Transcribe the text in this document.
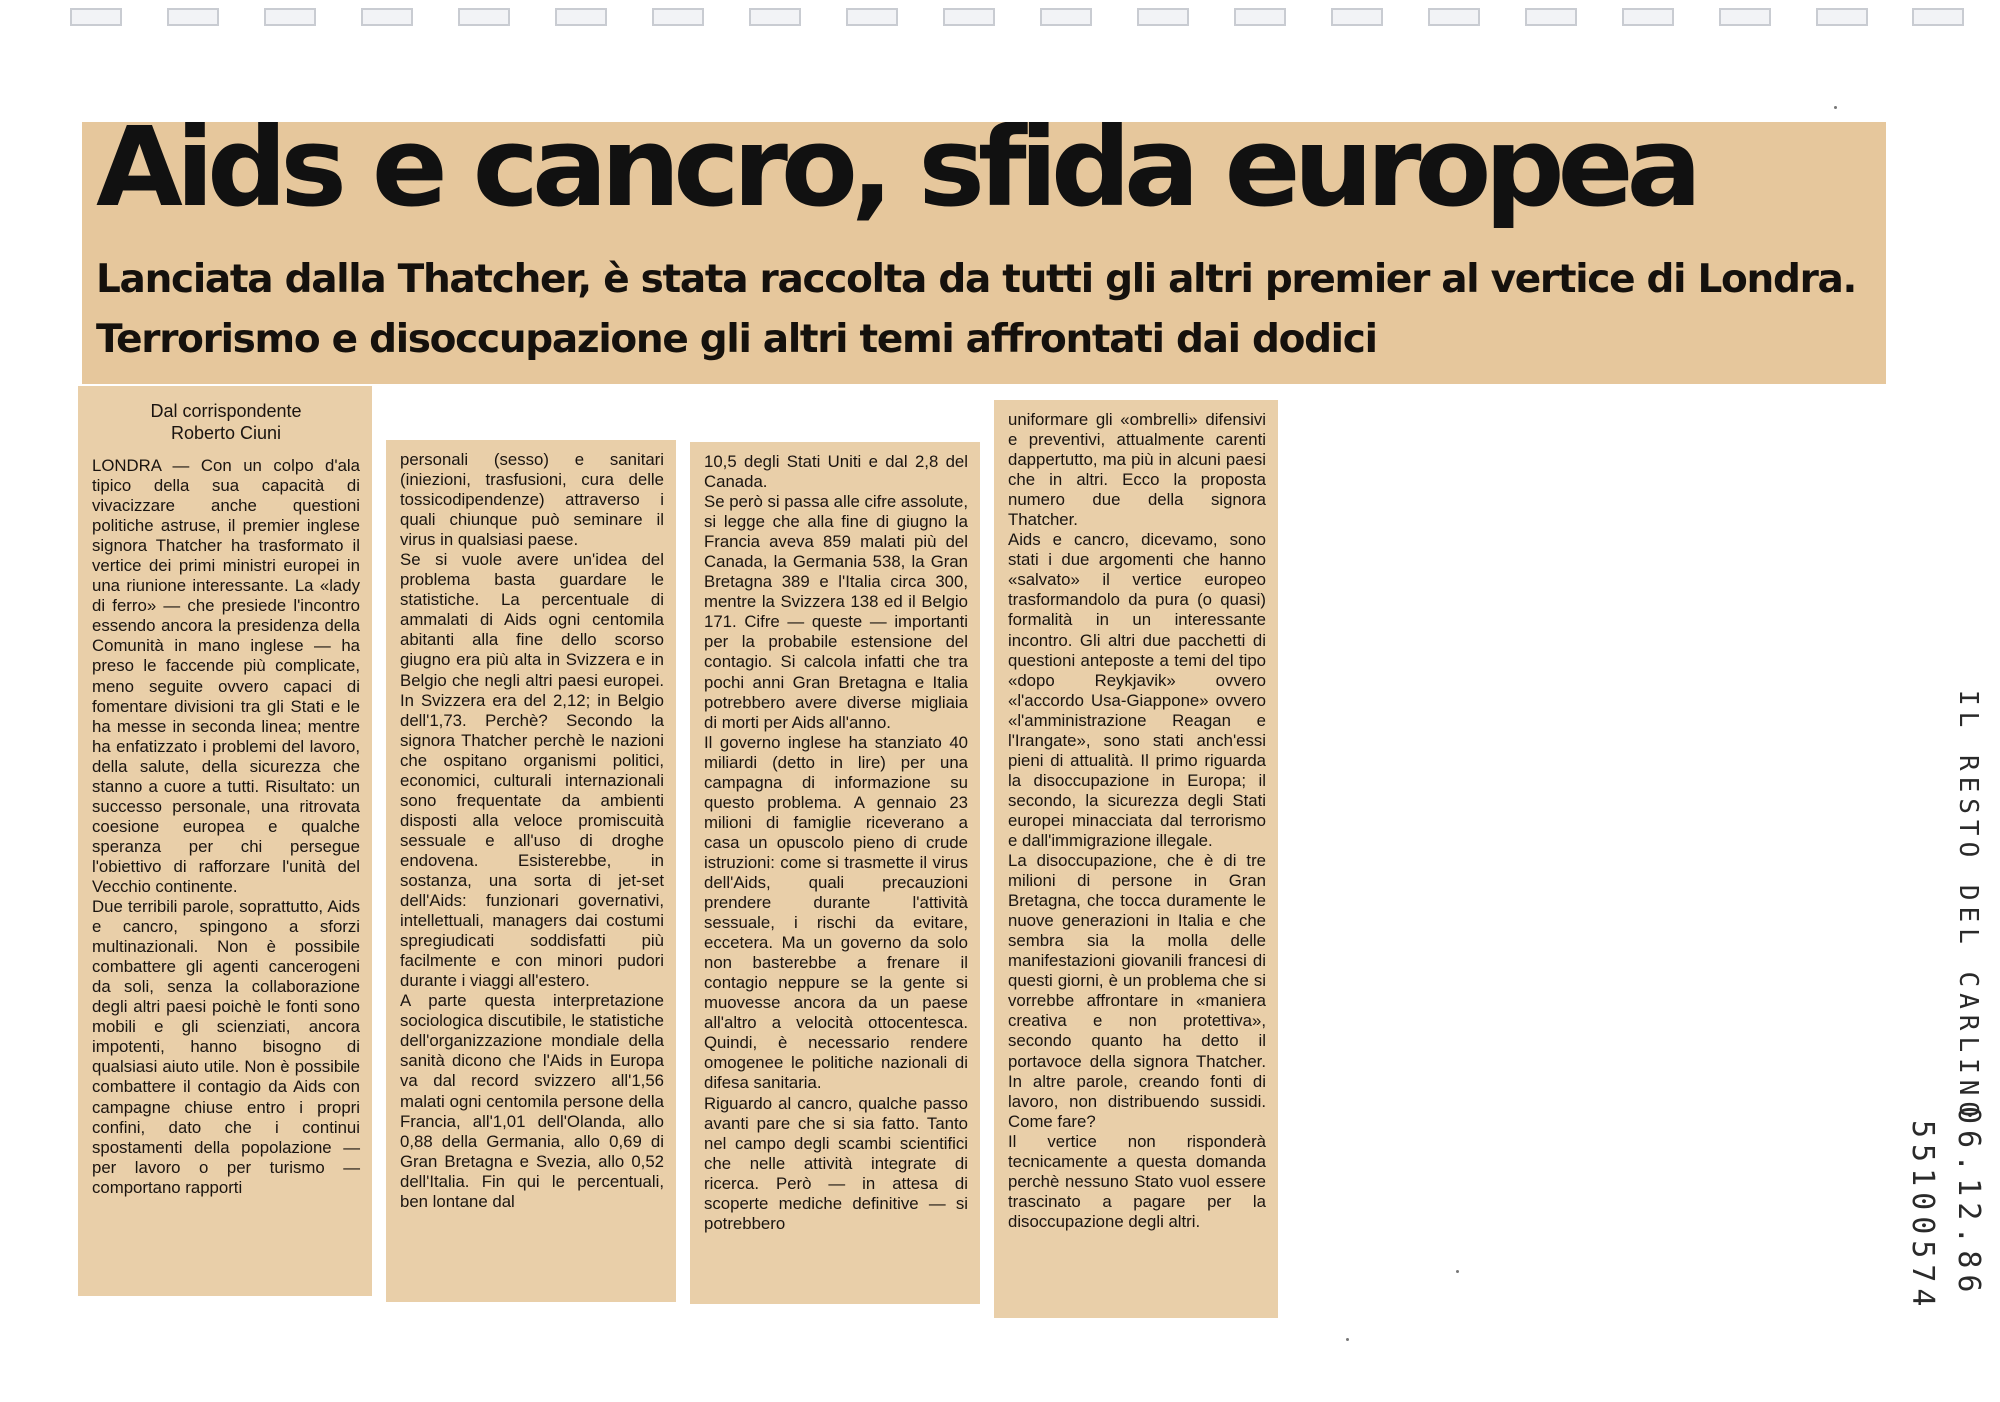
Aids e cancro, sfida europea
Lanciata dalla Thatcher, è stata raccolta da tutti gli altri premier al vertice di Londra. Terrorismo e disoccupazione gli altri temi affrontati dai dodici
Dal corrispondente
Roberto Ciuni

LONDRA — Con un colpo d'ala tipico della sua capacità di vivacizzare anche questioni politiche astruse, il premier inglese signora Thatcher ha trasformato il vertice dei primi ministri europei in una riunione interessante. La «lady di ferro» — che presiede l'incontro essendo ancora la presidenza della Comunità in mano inglese — ha preso le faccende più complicate, meno seguite ovvero capaci di fomentare divisioni tra gli Stati e le ha messe in seconda linea; mentre ha enfatizzato i problemi del lavoro, della salute, della sicurezza che stanno a cuore a tutti. Risultato: un successo personale, una ritrovata coesione europea e qualche speranza per chi persegue l'obiettivo di rafforzare l'unità del Vecchio continente.

Due terribili parole, soprattutto, Aids e cancro, spingono a sforzi multinazionali. Non è possibile combattere gli agenti cancerogeni da soli, senza la collaborazione degli altri paesi poichè le fonti sono mobili e gli scienziati, ancora impotenti, hanno bisogno di qualsiasi aiuto utile. Non è possibile combattere il contagio da Aids con campagne chiuse entro i propri confini, dato che i continui spostamenti della popolazione — per lavoro o per turismo — comportano rapporti

personali (sesso) e sanitari (iniezioni, trasfusioni, cura delle tossicodipendenze) attraverso i quali chiunque può seminare il virus in qualsiasi paese.

Se si vuole avere un'idea del problema basta guardare le statistiche. La percentuale di ammalati di Aids ogni centomila abitanti alla fine dello scorso giugno era più alta in Svizzera e in Belgio che negli altri paesi europei. In Svizzera era del 2,12; in Belgio dell'1,73. Perchè? Secondo la signora Thatcher perchè le nazioni che ospitano organismi politici, economici, culturali internazionali sono frequentate da ambienti disposti alla veloce promiscuità sessuale e all'uso di droghe endovena. Esisterebbe, in sostanza, una sorta di jet-set dell'Aids: funzionari governativi, intellettuali, managers dai costumi spregiudicati soddisfatti più facilmente e con minori pudori durante i viaggi all'estero.

A parte questa interpretazione sociologica discutibile, le statistiche dell'organizzazione mondiale della sanità dicono che l'Aids in Europa va dal record svizzero all'1,56 malati ogni centomila persone della Francia, all'1,01 dell'Olanda, allo 0,88 della Germania, allo 0,69 di Gran Bretagna e Svezia, allo 0,52 dell'Italia. Fin qui le percentuali, ben lontane dal

10,5 degli Stati Uniti e dal 2,8 del Canada.

Se però si passa alle cifre assolute, si legge che alla fine di giugno la Francia aveva 859 malati più del Canada, la Germania 538, la Gran Bretagna 389 e l'Italia circa 300, mentre la Svizzera 138 ed il Belgio 171. Cifre — queste — importanti per la probabile estensione del contagio. Si calcola infatti che tra pochi anni Gran Bretagna e Italia potrebbero avere diverse migliaia di morti per Aids all'anno.

Il governo inglese ha stanziato 40 miliardi (detto in lire) per una campagna di informazione su questo problema. A gennaio 23 milioni di famiglie riceverano a casa un opuscolo pieno di crude istruzioni: come si trasmette il virus dell'Aids, quali precauzioni prendere durante l'attività sessuale, i rischi da evitare, eccetera. Ma un governo da solo non basterebbe a frenare il contagio neppure se la gente si muovesse ancora da un paese all'altro a velocità ottocentesca. Quindi, è necessario rendere omogenee le politiche nazionali di difesa sanitaria.

Riguardo al cancro, qualche passo avanti pare che si sia fatto. Tanto nel campo degli scambi scientifici che nelle attività integrate di ricerca. Però — in attesa di scoperte mediche definitive — si potrebbero

uniformare gli «ombrelli» difensivi e preventivi, attualmente carenti dappertutto, ma più in alcuni paesi che in altri. Ecco la proposta numero due della signora Thatcher.

Aids e cancro, dicevamo, sono stati i due argomenti che hanno «salvato» il vertice europeo trasformandolo da pura (o quasi) formalità in un interessante incontro. Gli altri due pacchetti di questioni anteposte a temi del tipo «dopo Reykjavik» ovvero «l'accordo Usa-Giappone» ovvero «l'amministrazione Reagan e l'Irangate», sono stati anch'essi pieni di attualità. Il primo riguarda la disoccupazione in Europa; il secondo, la sicurezza degli Stati europei minacciata dal terrorismo e dall'immigrazione illegale.

La disoccupazione, che è di tre milioni di persone in Gran Bretagna, che tocca duramente le nuove generazioni in Italia e che sembra sia la molla delle manifestazioni giovanili francesi di questi giorni, è un problema che si vorrebbe affrontare in «maniera creativa e non protettiva», secondo quanto ha detto il portavoce della signora Thatcher. In altre parole, creando fonti di lavoro, non distribuendo sussidi. Come fare?

Il vertice non risponderà tecnicamente a questa domanda perchè nessuno Stato vuol essere trascinato a pagare per la disoccupazione degli altri.

IL RESTO DEL CARLINO
06.12.86
55100574
